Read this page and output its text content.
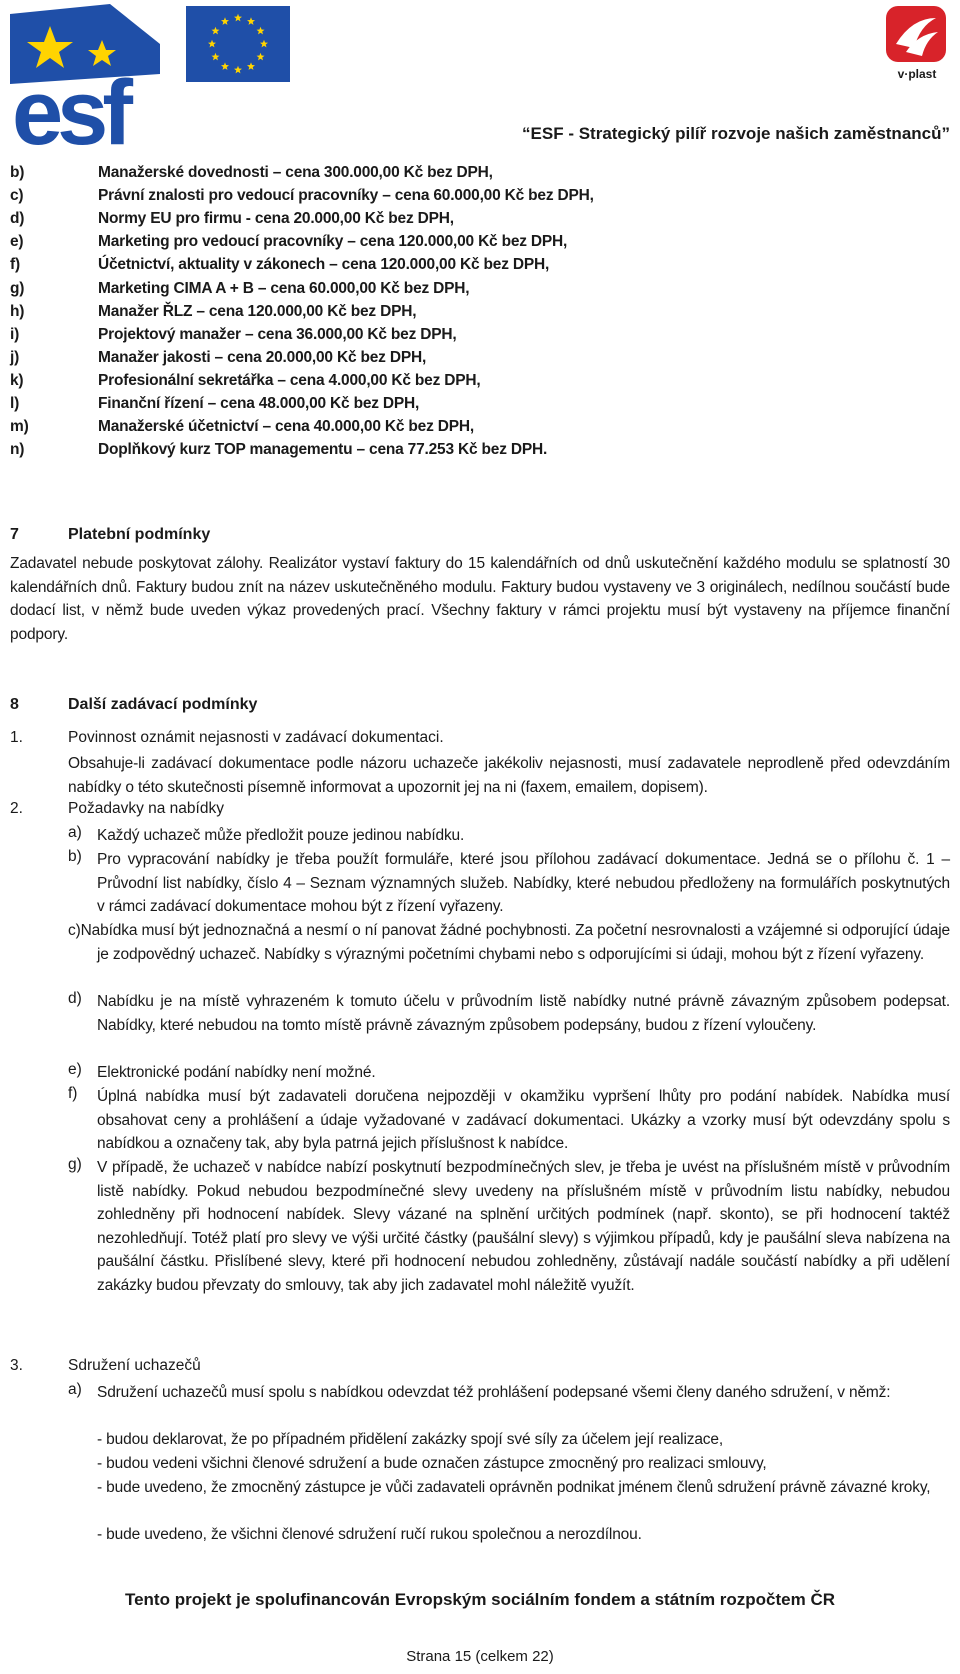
esf	v·plast
“ESF - Strategický pilíř rozvoje našich zaměstnanců”
b)	Manažerské dovednosti – cena 300.000,00 Kč bez DPH,
c)	Právní znalosti pro vedoucí pracovníky – cena 60.000,00 Kč bez DPH,
d)	Normy EU pro firmu - cena 20.000,00 Kč bez DPH,
e)	Marketing pro vedoucí pracovníky – cena 120.000,00 Kč bez DPH,
f)	Účetnictví, aktuality v zákonech – cena 120.000,00 Kč bez DPH,
g)	Marketing CIMA A + B – cena 60.000,00 Kč bez DPH,
h)	Manažer ŘLZ – cena 120.000,00 Kč bez DPH,
i)	Projektový manažer – cena 36.000,00 Kč bez DPH,
j)	Manažer jakosti – cena 20.000,00 Kč bez DPH,
k)	Profesionální sekretářka – cena 4.000,00 Kč bez DPH,
l)	Finanční řízení – cena 48.000,00 Kč bez DPH,
m)	Manažerské účetnictví – cena 40.000,00 Kč bez DPH,
n)	Doplňkový kurz TOP managementu – cena 77.253 Kč bez DPH.
7	Platební podmínky
Zadavatel nebude poskytovat zálohy. Realizátor vystaví faktury do 15 kalendářních od dnů uskutečnění každého modulu se splatností 30 kalendářních dnů. Faktury budou znít na název uskutečněného modulu. Faktury budou vystaveny ve 3 originálech, nedílnou součástí bude dodací list, v němž bude uveden výkaz provedených prací. Všechny faktury v rámci projektu musí být vystaveny na příjemce finanční podpory.
8	Další zadávací podmínky
1.	Povinnost oznámit nejasnosti v zadávací dokumentaci.
Obsahuje-li zadávací dokumentace podle názoru uchazeče jakékoliv nejasnosti, musí zadavatele neprodleně před odevzdáním nabídky o této skutečnosti písemně informovat a upozornit jej na ni (faxem, emailem, dopisem).
2.	Požadavky na nabídky
a) Každý uchazeč může předložit pouze jedinou nabídku.
b) Pro vypracování nabídky je třeba použít formuláře, které jsou přílohou zadávací dokumentace. Jedná se o přílohu č. 1 – Průvodní list nabídky, číslo 4 – Seznam významných služeb. Nabídky, které nebudou předloženy na formulářích poskytnutých v rámci zadávací dokumentace mohou být z řízení vyřazeny.
c)Nabídka musí být jednoznačná a nesmí o ní panovat žádné pochybnosti. Za početní nesrovnalosti a vzájemné si odporující údaje je zodpovědný uchazeč. Nabídky s výraznými početními chybami nebo s odporujícími si údaji, mohou být z řízení vyřazeny.
d) Nabídku je na místě vyhrazeném k tomuto účelu v průvodním listě nabídky nutné právně závazným způsobem podepsat. Nabídky, které nebudou na tomto místě právně závazným způsobem podepsány, budou z řízení vyloučeny.
e) Elektronické podání nabídky není možné.
f) Úplná nabídka musí být zadavateli doručena nejpozději v okamžiku vypršení lhůty pro podání nabídek. Nabídka musí obsahovat ceny a prohlášení a údaje vyžadované v zadávací dokumentaci. Ukázky a vzorky musí být odevzdány spolu s nabídkou a označeny tak, aby byla patrná jejich příslušnost k nabídce.
g) V případě, že uchazeč v nabídce nabízí poskytnutí bezpodmínečných slev, je třeba je uvést na příslušném místě v průvodním listě nabídky. Pokud nebudou bezpodmínečné slevy uvedeny na příslušném místě v průvodním listu nabídky, nebudou zohledněny při hodnocení nabídek. Slevy vázané na splnění určitých podmínek (např. skonto), se při hodnocení taktéž nezohledňují. Totéž platí pro slevy ve výši určité částky (paušální slevy) s výjimkou případů, kdy je paušální sleva nabízena na paušální částku. Přislíbené slevy, které při hodnocení nebudou zohledněny, zůstávají nadále součástí nabídky a při udělení zakázky budou převzaty do smlouvy, tak aby jich zadavatel mohl náležitě využít.
3.	Sdružení uchazečů
a) Sdružení uchazečů musí spolu s nabídkou odevzdat též prohlášení podepsané všemi členy daného sdružení, v němž:
- budou deklarovat, že po případném přidělení zakázky spojí své síly za účelem její realizace,
- budou vedeni všichni členové sdružení a bude označen zástupce zmocněný pro realizaci smlouvy,
- bude uvedeno, že zmocněný zástupce je vůči zadavateli oprávněn podnikat jménem členů sdružení právně závazné kroky,
- bude uvedeno, že všichni členové sdružení ručí rukou společnou a nerozdílnou.
Tento projekt je spolufinancován Evropským sociálním fondem a státním rozpočtem ČR
Strana 15 (celkem 22)
